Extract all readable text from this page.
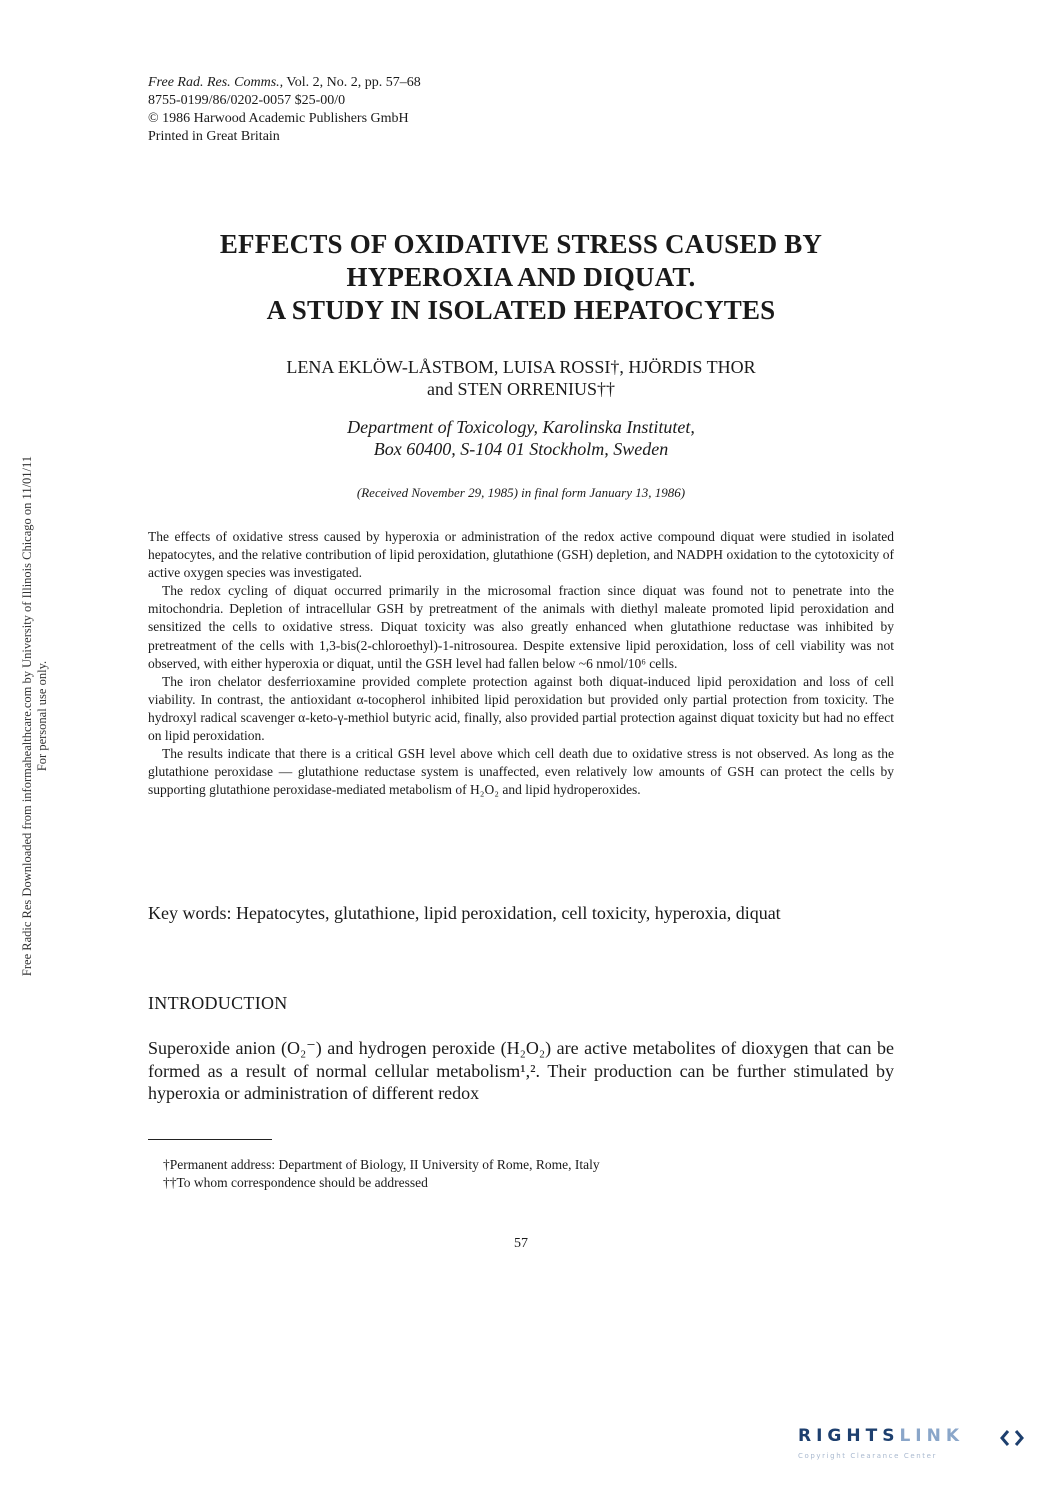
Free Rad. Res. Comms., Vol. 2, No. 2, pp. 57–68
8755-0199/86/0202-0057 $25-00/0
© 1986 Harwood Academic Publishers GmbH
Printed in Great Britain
Free Radic Res Downloaded from informahealthcare.com by University of Illinois Chicago on 11/01/11 For personal use only.
EFFECTS OF OXIDATIVE STRESS CAUSED BY
HYPEROXIA AND DIQUAT.
A STUDY IN ISOLATED HEPATOCYTES
LENA EKLÖW-LÅSTBOM, LUISA ROSSI†, HJÖRDIS THOR
and STEN ORRENIUS††
Department of Toxicology, Karolinska Institutet,
Box 60400, S-104 01 Stockholm, Sweden
(Received November 29, 1985) in final form January 13, 1986)

The effects of oxidative stress caused by hyperoxia or administration of the redox active compound diquat were studied in isolated hepatocytes, and the relative contribution of lipid peroxidation, glutathione (GSH) depletion, and NADPH oxidation to the cytotoxicity of active oxygen species was investigated.

The redox cycling of diquat occurred primarily in the microsomal fraction since diquat was found not to penetrate into the mitochondria. Depletion of intracellular GSH by pretreatment of the animals with diethyl maleate promoted lipid peroxidation and sensitized the cells to oxidative stress. Diquat toxicity was also greatly enhanced when glutathione reductase was inhibited by pretreatment of the cells with 1,3-bis(2-chloroethyl)-1-nitrosourea. Despite extensive lipid peroxidation, loss of cell viability was not observed, with either hyperoxia or diquat, until the GSH level had fallen below ~6 nmol/10⁶ cells.

The iron chelator desferrioxamine provided complete protection against both diquat-induced lipid peroxidation and loss of cell viability. In contrast, the antioxidant α-tocopherol inhibited lipid peroxidation but provided only partial protection from toxicity. The hydroxyl radical scavenger α-keto-γ-methiol butyric acid, finally, also provided partial protection against diquat toxicity but had no effect on lipid peroxidation.

The results indicate that there is a critical GSH level above which cell death due to oxidative stress is not observed. As long as the glutathione peroxidase — glutathione reductase system is unaffected, even relatively low amounts of GSH can protect the cells by supporting glutathione peroxidase-mediated metabolism of H₂O₂ and lipid hydroperoxides.

Key words: Hepatocytes, glutathione, lipid peroxidation, cell toxicity, hyperoxia, diquat
INTRODUCTION
Superoxide anion (O₂⁻) and hydrogen peroxide (H₂O₂) are active metabolites of dioxygen that can be formed as a result of normal cellular metabolism¹,². Their production can be further stimulated by hyperoxia or administration of different redox
†Permanent address: Department of Biology, II University of Rome, Rome, Italy
††To whom correspondence should be addressed
57
RIGHTSLINK
Copyright Clearance Center
